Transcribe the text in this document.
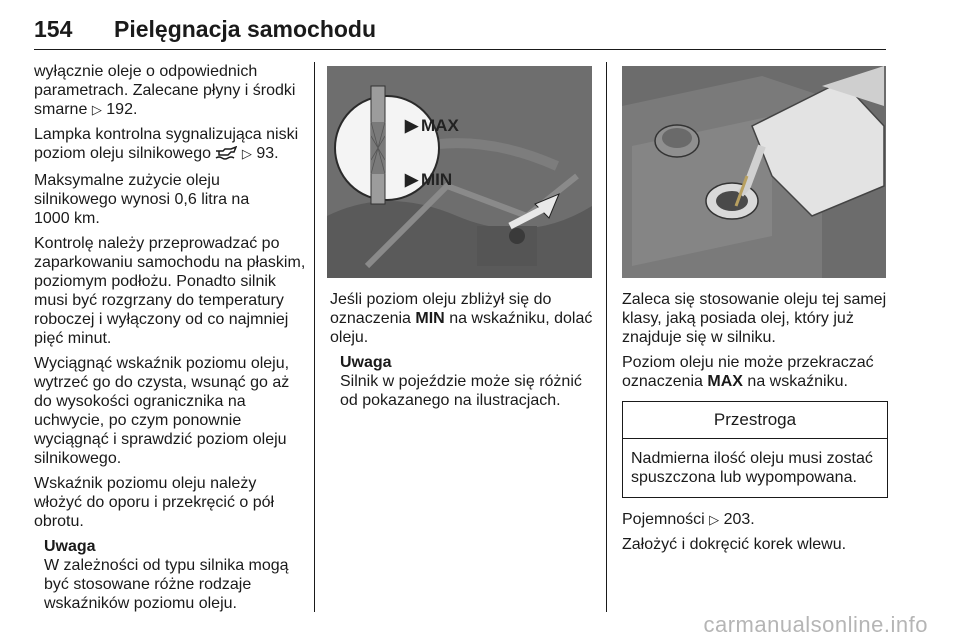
154 Pielęgnacja samochodu

wyłącznie oleje o odpowiednich parametrach. Zalecane płyny i środki smarne ▷ 192.

Lampka kontrolna sygnalizująca niski poziom oleju silnikowego ▷ 93.

Maksymalne zużycie oleju silnikowego wynosi 0,6 litra na 1000 km.

Kontrolę należy przeprowadzać po zaparkowaniu samochodu na płaskim, poziomym podłożu. Ponadto silnik musi być rozgrzany do temperatury roboczej i wyłączony od co najmniej pięć minut.

Wyciągnąć wskaźnik poziomu oleju, wytrzeć go do czysta, wsunąć go aż do wysokości ogranicznika na uchwycie, po czym ponownie wyciągnąć i sprawdzić poziom oleju silnikowego.

Wskaźnik poziomu oleju należy włożyć do oporu i przekręcić o pół obrotu.

Uwaga
W zależności od typu silnika mogą być stosowane różne rodzaje wskaźników poziomu oleju.
▶ MAX
▶ MIN

Jeśli poziom oleju zbliżył się do oznaczenia MIN na wskaźniku, dolać oleju.

Uwaga
Silnik w pojeździe może się różnić od pokazanego na ilustracjach.

Zaleca się stosowanie oleju tej samej klasy, jaką posiada olej, który już znajduje się w silniku.

Poziom oleju nie może przekraczać oznaczenia MAX na wskaźniku.

Przestroga
Nadmierna ilość oleju musi zostać spuszczona lub wypompowana.

Pojemności ▷ 203.

Założyć i dokręcić korek wlewu.

carmanualsonline.info
